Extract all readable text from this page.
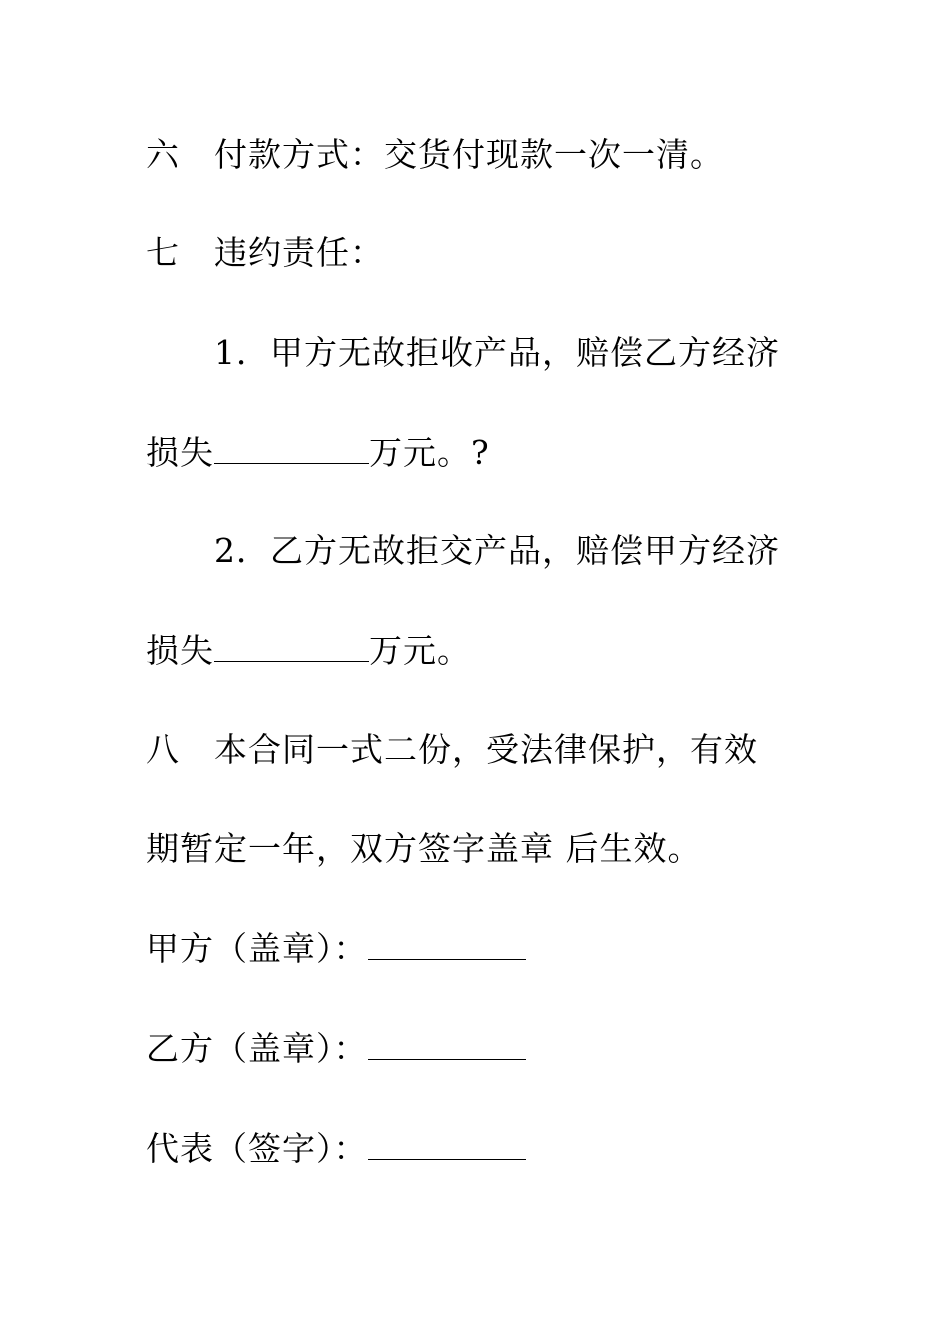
六 付款方式：交货付现款一次一清。
七 违约责任：
1．甲方无故拒收产品，赔偿乙方经济
损失	万元。?
2．乙方无故拒交产品，赔偿甲方经济
损失	万元。
八 本合同一式二份，受法律保护，有效
期暂定一年，双方签字盖章 后生效。
甲方（盖章）：
乙方（盖章）：
代表（签字）：
